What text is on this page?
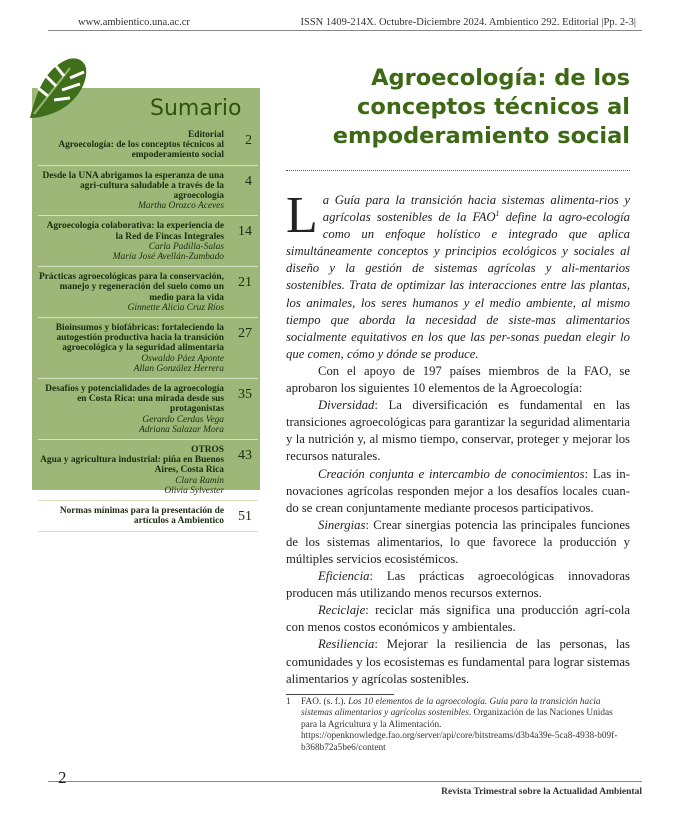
www.ambientico.una.ac.cr	ISSN 1409-214X. Octubre-Diciembre 2024. Ambientico 292. Editorial |Pp. 2-3|
Sumario
Editorial
Agroecología: de los conceptos técnicos al empoderamiento social
2
Desde la UNA abrigamos la esperanza de una agri-cultura saludable a través de la agroecología
Martha Orozco Aceves
4
Agroecología colaborativa: la experiencia de la Red de Fincas Integrales
Carla Padilla-Salas
María José Avellán-Zumbado
14
Prácticas agroecológicas para la conservación, manejo y regeneración del suelo como un medio para la vida
Ginnette Alicia Cruz Ríos
21
Bioinsumos y biofábricas: fortaleciendo la autogestión productiva hacia la transición agroecológica y la seguridad alimentaria
Oswaldo Páez Aponte
Allan González Herrera
27
Desafíos y potencialidades de la agroecología en Costa Rica: una mirada desde sus protagonistas
Gerardo Cerdas Vega
Adriana Salazar Mora
35
OTROS
Agua y agricultura industrial: piña en Buenos Aires, Costa Rica
Clara Ramín
Olivia Sylvester
43
Normas mínimas para la presentación de artículos a Ambientico 51
Agroecología: de los conceptos técnicos al empoderamiento social

La Guía para la transición hacia sistemas alimenta-rios y agrícolas sostenibles de la FAO$^1$ define la agro-ecología como un enfoque holístico e integrado que aplica simultáneamente conceptos y principios ecológicos y sociales al diseño y la gestión de sistemas agrícolas y ali-mentarios sostenibles. Trata de optimizar las interacciones entre las plantas, los animales, los seres humanos y el medio ambiente, al mismo tiempo que aborda la necesidad de siste-mas alimentarios socialmente equitativos en los que las per-sonas puedan elegir lo que comen, cómo y dónde se produce.

Con el apoyo de 197 países miembros de la FAO, se aprobaron los siguientes 10 elementos de la Agroecología:

Diversidad: La diversificación es fundamental en las transiciones agroecológicas para garantizar la seguridad alimentaria y la nutrición y, al mismo tiempo, conservar, proteger y mejorar los recursos naturales.

Creación conjunta e intercambio de conocimientos: Las in-novaciones agrícolas responden mejor a los desafíos locales cuan-do se crean conjuntamente mediante procesos participativos.

Sinergias: Crear sinergias potencia las principales funciones de los sistemas alimentarios, lo que favorece la producción y múltiples servicios ecosistémicos.

Eficiencia: Las prácticas agroecológicas innovadoras producen más utilizando menos recursos externos.

Reciclaje: reciclar más significa una producción agrí-cola con menos costos económicos y ambientales.

Resiliencia: Mejorar la resiliencia de las personas, las comunidades y los ecosistemas es fundamental para lograr sistemas alimentarios y agrícolas sostenibles.

1 FAO. (s. f.). Los 10 elementos de la agroecología. Guía para la transición hacia sistemas alimentarios y agrícolas sostenibles. Organización de las Naciones Unidas para la Agricultura y la Alimentación. https://openknowledge.fao.org/server/api/core/bitstreams/d3b4a39e-5ca8-4938-b09f-b368b72a5be6/content
2
Revista Trimestral sobre la Actualidad Ambiental
